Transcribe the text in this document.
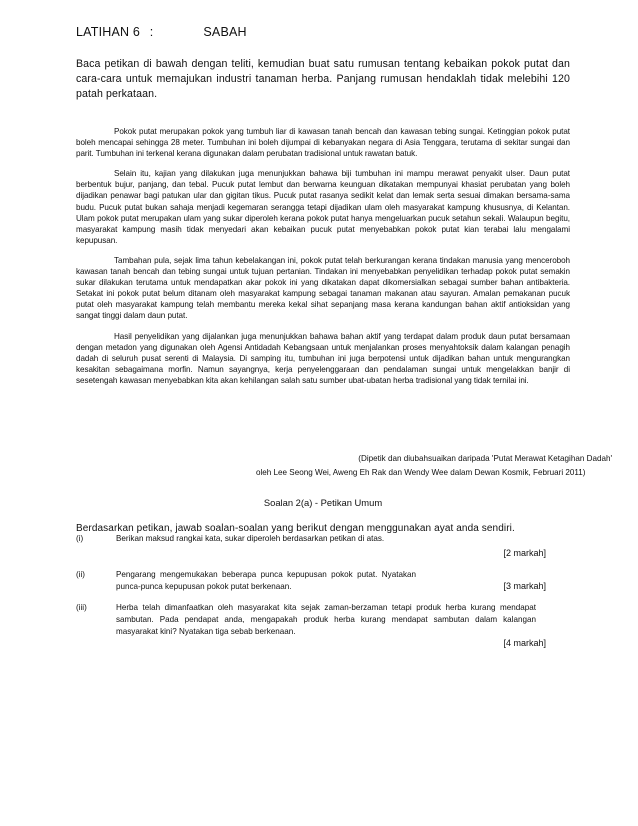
LATIHAN 6 :	SABAH
Baca petikan di bawah dengan teliti, kemudian buat satu rumusan tentang kebaikan pokok putat dan cara-cara untuk memajukan industri tanaman herba. Panjang rumusan hendaklah tidak melebihi 120 patah perkataan.

Pokok putat merupakan pokok yang tumbuh liar di kawasan tanah bencah dan kawasan tebing sungai. Ketinggian pokok putat boleh mencapai sehingga 28 meter. Tumbuhan ini boleh dijumpai di kebanyakan negara di Asia Tenggara, terutama di sekitar sungai dan parit. Tumbuhan ini terkenal kerana digunakan dalam perubatan tradisional untuk rawatan batuk.

Selain itu, kajian yang dilakukan juga menunjukkan bahawa biji tumbuhan ini mampu merawat penyakit ulser. Daun putat berbentuk bujur, panjang, dan tebal. Pucuk putat lembut dan berwarna keunguan dikatakan mempunyai khasiat perubatan yang boleh dijadikan penawar bagi patukan ular dan gigitan tikus. Pucuk putat rasanya sedikit kelat dan lemak serta sesuai dimakan bersama-sama budu. Pucuk putat bukan sahaja menjadi kegemaran serangga tetapi dijadikan ulam oleh masyarakat kampung khususnya, di Kelantan. Ulam pokok putat merupakan ulam yang sukar diperoleh kerana pokok putat hanya mengeluarkan pucuk setahun sekali. Walaupun begitu, masyarakat kampung masih tidak menyedari akan kebaikan pucuk putat menyebabkan pokok putat kian terabai lalu mengalami kepupusan.

Tambahan pula, sejak lima tahun kebelakangan ini, pokok putat telah berkurangan kerana tindakan manusia yang menceroboh kawasan tanah bencah dan tebing sungai untuk tujuan pertanian. Tindakan ini menyebabkan penyelidikan terhadap pokok putat semakin sukar dilakukan terutama untuk mendapatkan akar pokok ini yang dikatakan dapat dikomersialkan sebagai sumber bahan antibakteria. Setakat ini pokok putat belum ditanam oleh masyarakat kampung sebagai tanaman makanan atau sayuran. Amalan pemakanan pucuk putat oleh masyarakat kampung telah membantu mereka kekal sihat sepanjang masa kerana kandungan bahan aktif antioksidan yang sangat tinggi dalam daun putat.

Hasil penyelidikan yang dijalankan juga menunjukkan bahawa bahan aktif yang terdapat dalam produk daun putat bersamaan dengan metadon yang digunakan oleh Agensi Antidadah Kebangsaan untuk menjalankan proses menyahtoksik dalam kalangan penagih dadah di seluruh pusat serenti di Malaysia. Di samping itu, tumbuhan ini juga berpotensi untuk dijadikan bahan untuk mengurangkan kesakitan sebagaimana morfin. Namun sayangnya, kerja penyelenggaraan dan pendalaman sungai untuk mengelakkan banjir di sesetengah kawasan menyebabkan kita akan kehilangan salah satu sumber ubat-ubatan herba tradisional yang tidak ternilai ini.

(Dipetik dan diubahsuaikan daripada 'Putat Merawat Ketagihan Dadah'
oleh Lee Seong Wei, Aweng Eh Rak dan Wendy Wee dalam Dewan Kosmik, Februari 2011)
Soalan 2(a) - Petikan Umum
Berdasarkan petikan, jawab soalan-soalan yang berikut dengan menggunakan ayat anda sendiri.
(i)	Berikan maksud rangkai kata, sukar diperoleh berdasarkan petikan di atas.
[2 markah]
(ii)	Pengarang mengemukakan beberapa punca kepupusan pokok putat. Nyatakan punca-punca kepupusan pokok putat berkenaan.	[3 markah]
(iii)	Herba telah dimanfaatkan oleh masyarakat kita sejak zaman-berzaman tetapi produk herba kurang mendapat sambutan. Pada pendapat anda, mengapakah produk herba kurang mendapat sambutan dalam kalangan masyarakat kini? Nyatakan tiga sebab berkenaan.
[4 markah]
